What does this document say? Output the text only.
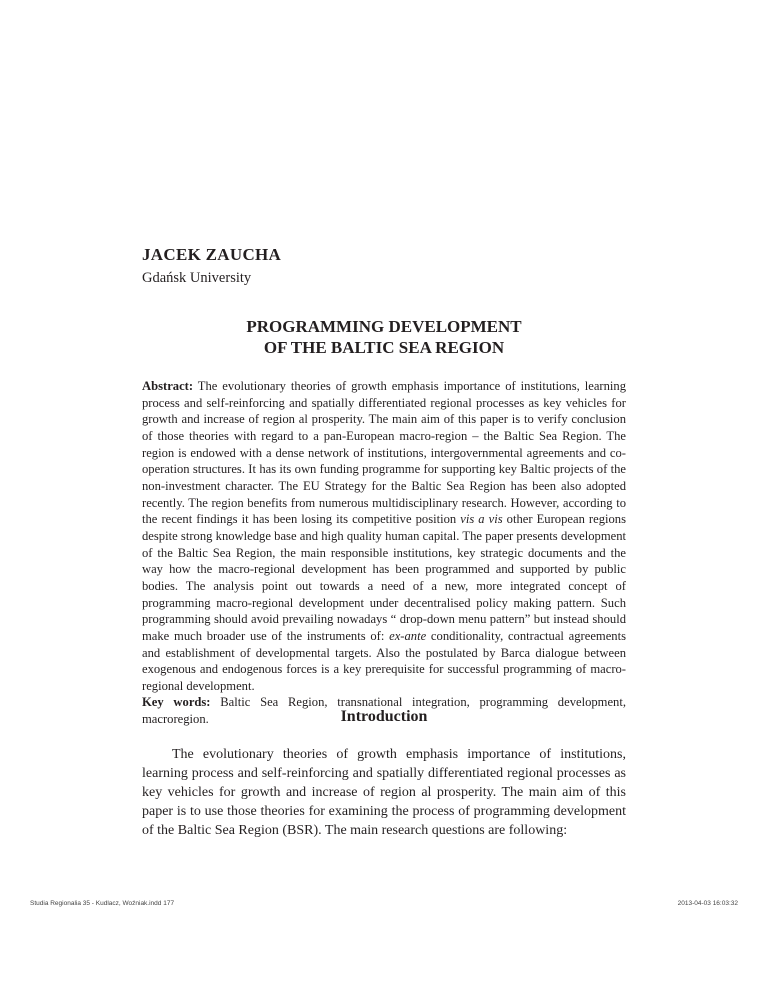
JACEK ZAUCHA
Gdańsk University
PROGRAMMING DEVELOPMENT
OF THE BALTIC SEA REGION

Abstract: The evolutionary theories of growth emphasis importance of institutions, learning process and self-reinforcing and spatially differentiated regional processes as key vehicles for growth and increase of region al prosperity. The main aim of this paper is to verify conclusion of those theories with regard to a pan-European macro-region – the Baltic Sea Region. The region is endowed with a dense network of institutions, intergovernmental agreements and co-operation structures. It has its own funding programme for supporting key Baltic projects of the non-investment character. The EU Strategy for the Baltic Sea Region has been also adopted recently. The region benefits from numerous multidisciplinary research. However, according to the recent findings it has been losing its competitive position vis a vis other European regions despite strong knowledge base and high quality human capital. The paper presents development of the Baltic Sea Region, the main responsible institutions, key strategic documents and the way how the macro-regional development has been programmed and supported by public bodies. The analysis point out towards a need of a new, more integrated concept of programming macro-regional development under decentralised policy making pattern. Such programming should avoid prevailing nowadays “ drop-down menu pattern” but instead should make much broader use of the instruments of: ex-ante conditionality, contractual agreements and establishment of developmental targets. Also the postulated by Barca dialogue between exogenous and endogenous forces is a key prerequisite for successful programming of macro-regional development.

Key words: Baltic Sea Region, transnational integration, programming development, macroregion.	Introduction

The evolutionary theories of growth emphasis importance of institutions, learning process and self-reinforcing and spatially differentiated regional processes as key vehicles for growth and increase of region al prosperity. The main aim of this paper is to use those theories for examining the process of programming development of the Baltic Sea Region (BSR). The main research questions are following:

Studia Regionalia 35 - Kudlacz, Woźniak.indd 177	2013-04-03 16:03:32
